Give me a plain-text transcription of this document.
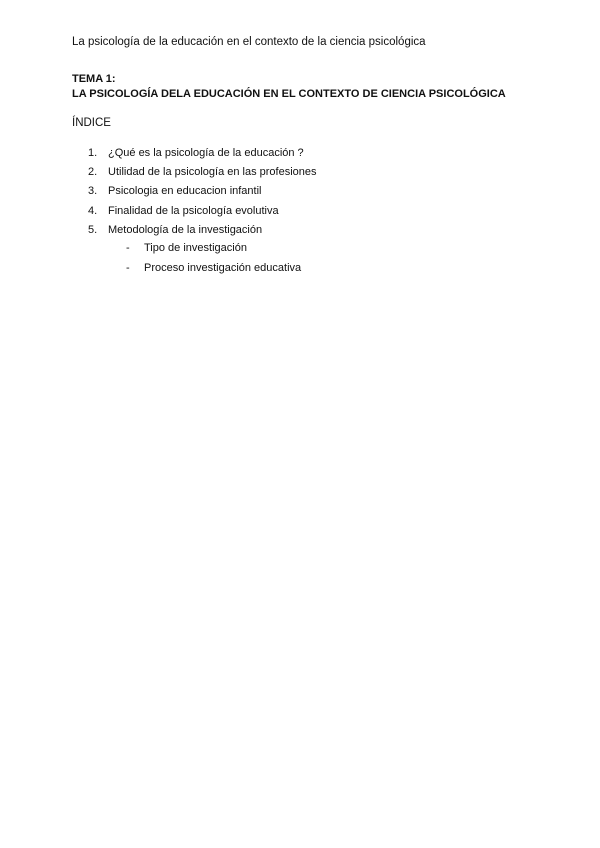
La psicología de la educación en el contexto de la ciencia psicológica
TEMA 1:
LA PSICOLOGÍA DELA EDUCACIÓN EN EL CONTEXTO DE CIENCIA PSICOLÓGICA
ÍNDICE
1. ¿Qué es la psicología de la educación ?
2. Utilidad de la psicología en las profesiones
3. Psicologia en educacion infantil
4. Finalidad de la psicología evolutiva
5. Metodología de la investigación
-	Tipo de investigación
-	Proceso investigación educativa
